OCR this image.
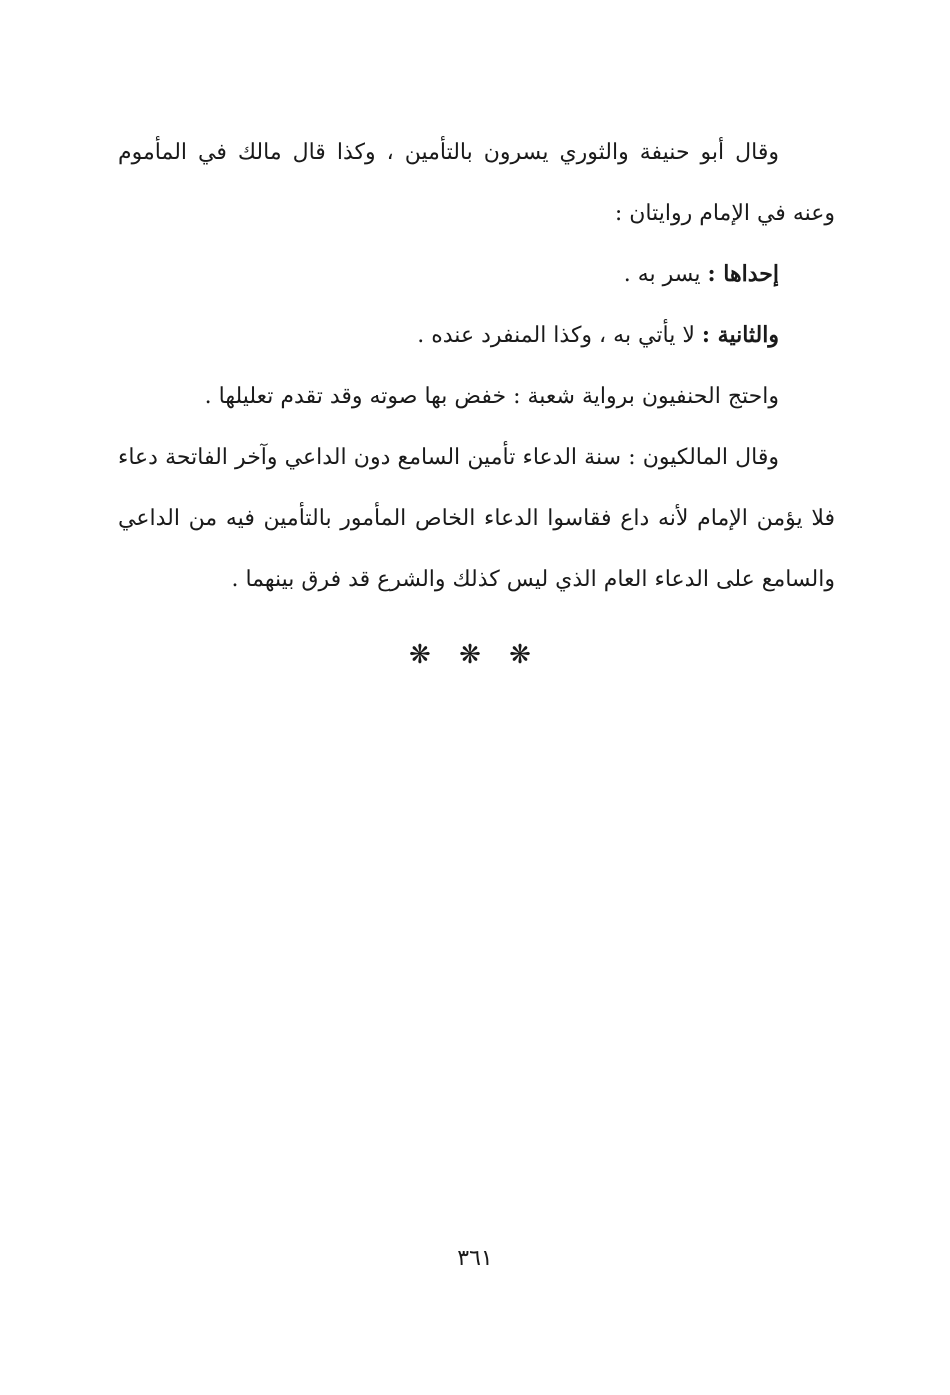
وقال أبو حنيفة والثوري يسرون بالتأمين ، وكذا قال مالك في المأموم وعنه في الإمام روايتان :

إحداها : يسر به .

والثانية : لا يأتي به ، وكذا المنفرد عنده .

واحتج الحنفيون برواية شعبة : خفض بها صوته وقد تقدم تعليلها .

وقال المالكيون : سنة الدعاء تأمين السامع دون الداعي وآخر الفاتحة دعاء فلا يؤمن الإمام لأنه داع فقاسوا الدعاء الخاص المأمور بالتأمين فيه من الداعي والسامع على الدعاء العام الذي ليس كذلك والشرع قد فرق بينهما .

❋ ❋ ❋
٣٦١
